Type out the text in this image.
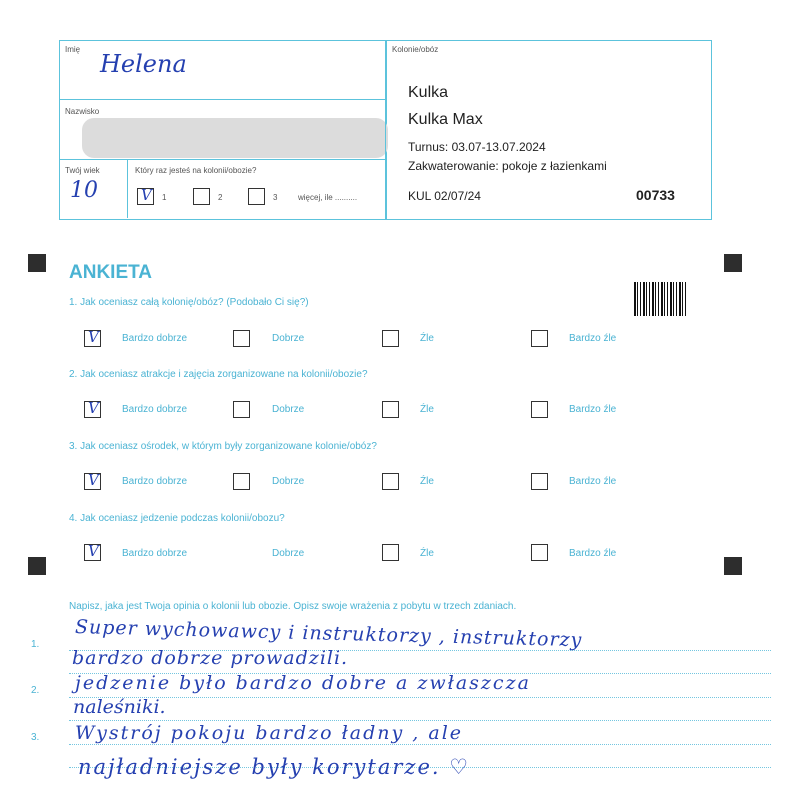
Imię
Helena
Nazwisko
Twój wiek
10
Który raz jesteś na kolonii/obozie?
V 1	2	3	więcej, ile ..........
Kolonie/obóz
Kulka
Kulka Max
Turnus: 03.07-13.07.2024
Zakwaterowanie: pokoje z łazienkami
KUL 02/07/24	00733
ANKIETA
1. Jak oceniasz całą kolonię/obóz? (Podobało Ci się?)
V Bardzo dobrze	Dobrze	Źle	Bardzo źle
2. Jak oceniasz atrakcje i zajęcia zorganizowane na kolonii/obozie?
V Bardzo dobrze	Dobrze	Źle	Bardzo źle
3. Jak oceniasz ośrodek, w którym były zorganizowane kolonie/obóz?
V Bardzo dobrze	Dobrze	Źle	Bardzo źle
4. Jak oceniasz jedzenie podczas kolonii/obozu?
V Bardzo dobrze	Dobrze	Źle	Bardzo źle
Napisz, jaka jest Twoja opinia o kolonii lub obozie. Opisz swoje wrażenia z pobytu w trzech zdaniach.
1.
2.
3.
Super wychowawcy i instruktorzy , instruktorzy
bardzo dobrze prowadzili.
jedzenie było bardzo dobre a zwłaszcza
naleśniki.
Wystrój pokoju bardzo ładny , ale
najładniejsze były korytarze. ♡
